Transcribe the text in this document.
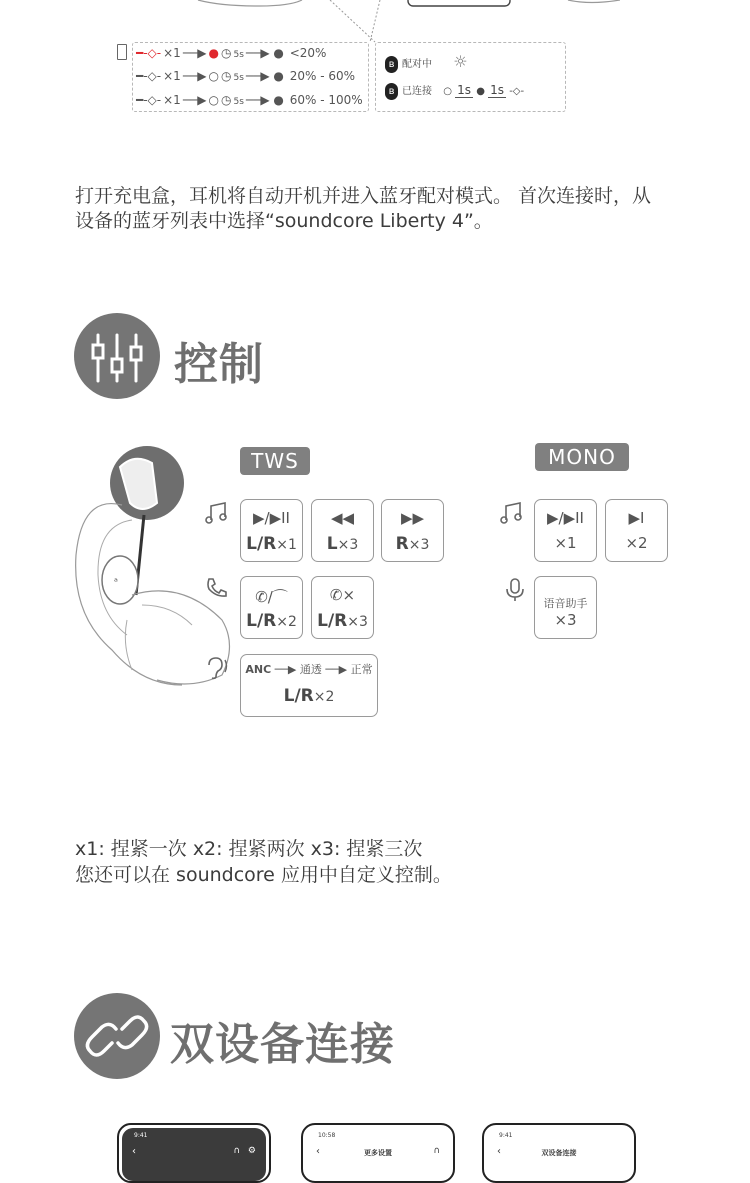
━‑◇‑ ×1 ──▶ ● ◷ 5s ──▶ ● <20%
━‑◇‑ ×1 ──▶ ○ ◷ 5s ──▶ ● 20% - 60%
━‑◇‑ ×1 ──▶ ○ ◷ 5s ──▶ ● 60% - 100%
ʙ 配对中 ☼
ʙ 已连接 ○ 1s ● 1s ‑◇‑
打开充电盒，耳机将自动开机并进入蓝牙配对模式。 首次连接时，从
设备的蓝牙列表中选择“soundcore Liberty 4”。
控制
ᵃ
TWS	MONO
▶/▶II
L/R×1
◀◀
L×3
▶▶
R×3
✆/⌒
L/R×2
✆×
L/R×3
ANC ──▶ 通透 ──▶ 正常
L/R×2
▶/▶II
×1
▶I
×2
语音助手
×3
x1: 捏紧一次 x2: 捏紧两次 x3: 捏紧三次
您还可以在 soundcore 应用中自定义控制。
双设备连接
9:41
‹	∩ ⚙
10:58
‹	更多设置	∩
9:41
‹	双设备连接
